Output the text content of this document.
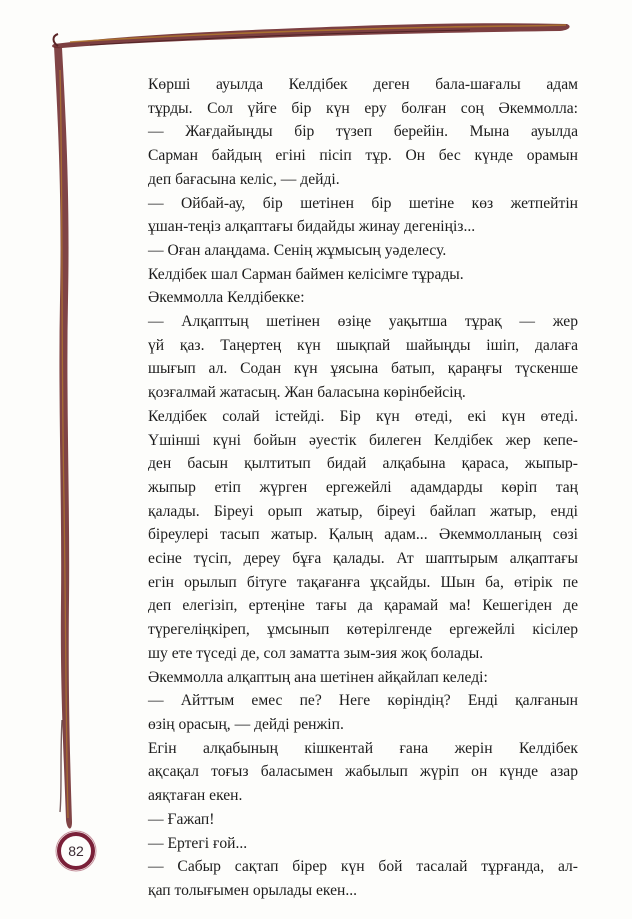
Көрші ауылда Келдібек деген бала-шағалы адам

тұрды. Сол үйге бір күн еру болған соң Әкеммолла:

— Жағдайыңды бір түзеп берейін. Мына ауылда

Сарман байдың егіні пісіп тұр. Он бес күнде орамын

деп бағасына келіс, — дейді.

— Ойбай-ау, бір шетінен бір шетіне көз жетпейтін

ұшан-теңіз алқаптағы бидайды жинау дегеніңіз...

— Оған алаңдама. Сенің жұмысың уәделесу.

Келдібек шал Сарман баймен келісімге тұрады.

Әкеммолла Келдібекке:

— Алқаптың шетінен өзіңе уақытша тұрақ — жер

үй қаз. Таңертең күн шықпай шайыңды ішіп, далаға

шығып ал. Содан күн ұясына батып, қараңғы түскенше

қозғалмай жатасың. Жан баласына көрінбейсің.

Келдібек солай істейді. Бір күн өтеді, екі күн өтеді.

Үшінші күні бойын әуестік билеген Келдібек жер кепе-

ден басын қылтитып бидай алқабына қараса, жыпыр-

жыпыр етіп жүрген ергежейлі адамдарды көріп таң

қалады. Біреуі орып жатыр, біреуі байлап жатыр, енді

біреулері тасып жатыр. Қалың адам... Әкеммолланың сөзі

есіне түсіп, дереу бұға қалады. Ат шаптырым алқаптағы

егін орылып бітуге тақағанға ұқсайды. Шын ба, өтірік пе

деп елегізіп, ертеңіне тағы да қарамай ма! Кешегіден де

түрегеліңкіреп, ұмсынып көтерілгенде ергежейлі кісілер

шу ете түседі де, сол заматта зым-зия жоқ болады.

Әкеммолла алқаптың ана шетінен айқайлап келеді:

— Айттым емес пе? Неге көріндің? Енді қалғанын

өзің орасың, — дейді ренжіп.

Егін алқабының кішкентай ғана жерін Келдібек

ақсақал тоғыз баласымен жабылып жүріп он күнде азар

аяқтаған екен.

— Ғажап!

— Ертегі ғой...

— Сабыр сақтап бірер күн бой тасалай тұрғанда, ал-

қап толығымен орылады екен...

82
